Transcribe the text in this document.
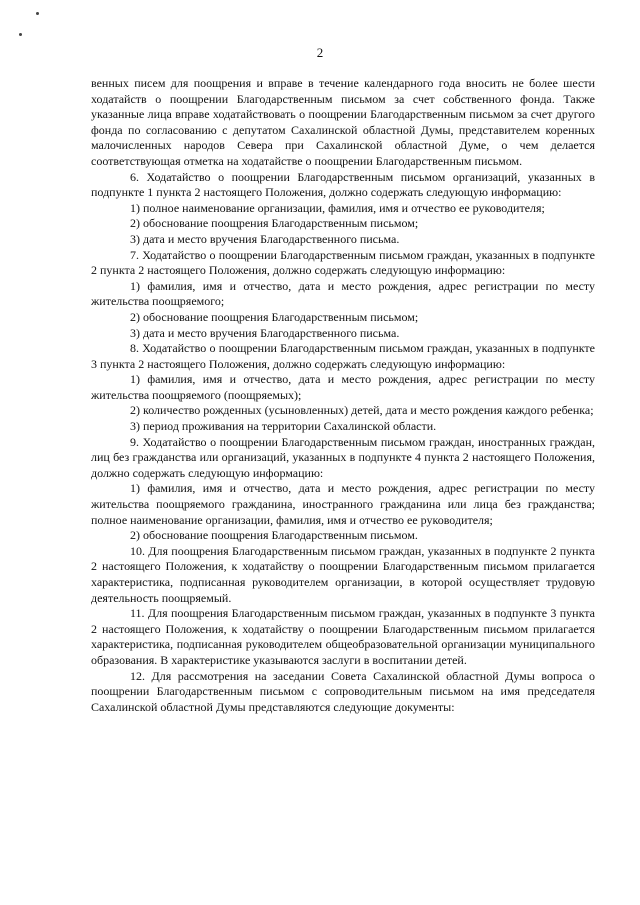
2

венных писем для поощрения и вправе в течение календарного года вносить не более шести ходатайств о поощрении Благодарственным письмом за счет собственного фонда. Также указанные лица вправе ходатайствовать о поощрении Благодарственным письмом за счет другого фонда по согласованию с депутатом Сахалинской областной Думы, представителем коренных малочисленных народов Севера при Сахалинской областной Думе, о чем делается соответствующая отметка на ходатайстве о поощрении Благодарственным письмом.

6. Ходатайство о поощрении Благодарственным письмом организаций, указанных в подпункте 1 пункта 2 настоящего Положения, должно содержать следующую информацию:

1) полное наименование организации, фамилия, имя и отчество ее руководителя;

2) обоснование поощрения Благодарственным письмом;

3) дата и место вручения Благодарственного письма.

7. Ходатайство о поощрении Благодарственным письмом граждан, указанных в подпункте 2 пункта 2 настоящего Положения, должно содержать следующую информацию:

1) фамилия, имя и отчество, дата и место рождения, адрес регистрации по месту жительства поощряемого;

2) обоснование поощрения Благодарственным письмом;

3) дата и место вручения Благодарственного письма.

8. Ходатайство о поощрении Благодарственным письмом граждан, указанных в подпункте 3 пункта 2 настоящего Положения, должно содержать следующую информацию:

1) фамилия, имя и отчество, дата и место рождения, адрес регистрации по месту жительства поощряемого (поощряемых);

2) количество рожденных (усыновленных) детей, дата и место рождения каждого ребенка;

3) период проживания на территории Сахалинской области.

9. Ходатайство о поощрении Благодарственным письмом граждан, иностранных граждан, лиц без гражданства или организаций, указанных в подпункте 4 пункта 2 настоящего Положения, должно содержать следующую информацию:

1) фамилия, имя и отчество, дата и место рождения, адрес регистрации по месту жительства поощряемого гражданина, иностранного гражданина или лица без гражданства; полное наименование организации, фамилия, имя и отчество ее руководителя;

2) обоснование поощрения Благодарственным письмом.

10. Для поощрения Благодарственным письмом граждан, указанных в подпункте 2 пункта 2 настоящего Положения, к ходатайству о поощрении Благодарственным письмом прилагается характеристика, подписанная руководителем организации, в которой осуществляет трудовую деятельность поощряемый.

11. Для поощрения Благодарственным письмом граждан, указанных в подпункте 3 пункта 2 настоящего Положения, к ходатайству о поощрении Благодарственным письмом прилагается характеристика, подписанная руководителем общеобразовательной организации муниципального образования. В характеристике указываются заслуги в воспитании детей.

12. Для рассмотрения на заседании Совета Сахалинской областной Думы вопроса о поощрении Благодарственным письмом с сопроводительным письмом на имя председателя Сахалинской областной Думы представляются следующие документы:
